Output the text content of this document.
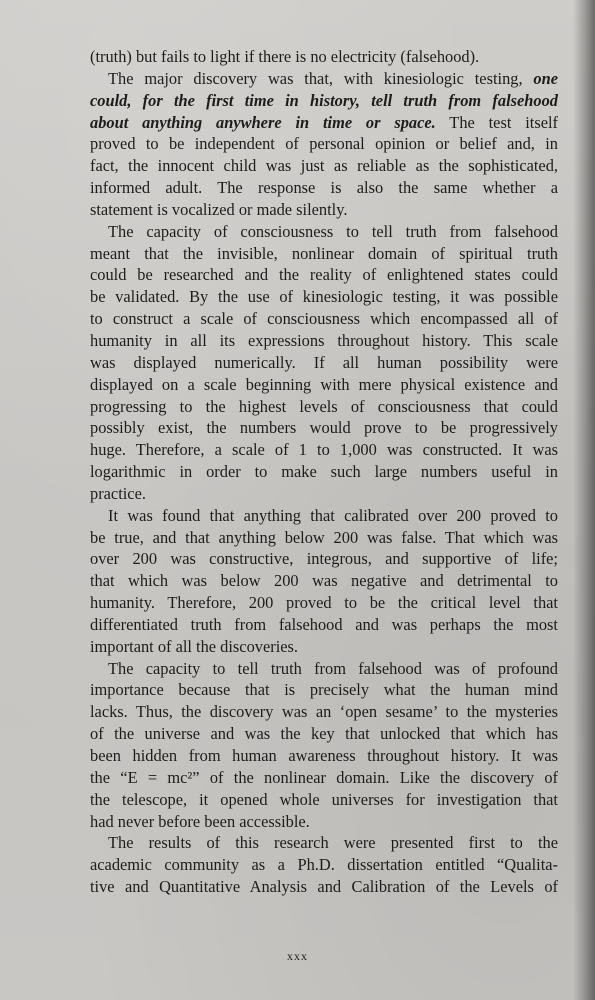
(truth) but fails to light if there is no electricity (falsehood).
The major discovery was that, with kinesiologic testing, one
could, for the first time in history, tell truth from falsehood
about anything anywhere in time or space. The test itself
proved to be independent of personal opinion or belief and, in
fact, the innocent child was just as reliable as the sophisticated,
informed adult. The response is also the same whether a
statement is vocalized or made silently.
The capacity of consciousness to tell truth from falsehood
meant that the invisible, nonlinear domain of spiritual truth
could be researched and the reality of enlightened states could
be validated. By the use of kinesiologic testing, it was possible
to construct a scale of consciousness which encompassed all of
humanity in all its expressions throughout history. This scale
was displayed numerically. If all human possibility were
displayed on a scale beginning with mere physical existence and
progressing to the highest levels of consciousness that could
possibly exist, the numbers would prove to be progressively
huge. Therefore, a scale of 1 to 1,000 was constructed. It was
logarithmic in order to make such large numbers useful in
practice.
It was found that anything that calibrated over 200 proved to
be true, and that anything below 200 was false. That which was
over 200 was constructive, integrous, and supportive of life;
that which was below 200 was negative and detrimental to
humanity. Therefore, 200 proved to be the critical level that
differentiated truth from falsehood and was perhaps the most
important of all the discoveries.
The capacity to tell truth from falsehood was of profound
importance because that is precisely what the human mind
lacks. Thus, the discovery was an ‘open sesame’ to the mysteries
of the universe and was the key that unlocked that which has
been hidden from human awareness throughout history. It was
the “E = mc²” of the nonlinear domain. Like the discovery of
the telescope, it opened whole universes for investigation that
had never before been accessible.
The results of this research were presented first to the
academic community as a Ph.D. dissertation entitled “Qualita-
tive and Quantitative Analysis and Calibration of the Levels of
xxx
